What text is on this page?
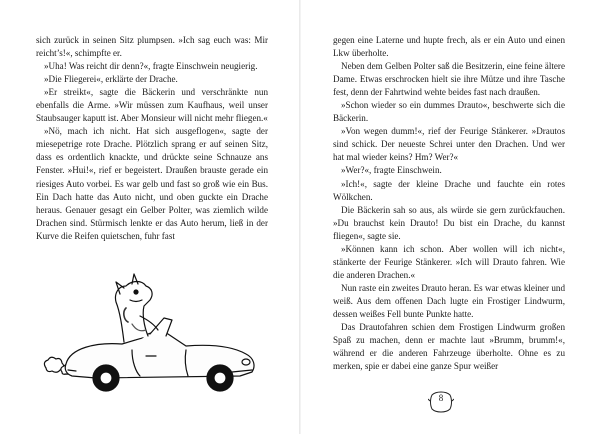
sich zurück in seinen Sitz plumpsen. »Ich sag euch was: Mir reicht’s!«, schimpfte er.

»Uha! Was reicht dir denn?«, fragte Einschwein neugierig.

»Die Fliegerei«, erklärte der Drache.

»Er streikt«, sagte die Bäckerin und verschränkte nun ebenfalls die Arme. »Wir müssen zum Kaufhaus, weil unser Staubsauger kaputt ist. Aber Monsieur will nicht mehr fliegen.«

»Nö, mach ich nicht. Hat sich ausgeflogen«, sagte der miesepetrige rote Drache. Plötzlich sprang er auf seinen Sitz, dass es ordentlich knackte, und drückte seine Schnauze ans Fenster. »Hui!«, rief er begeistert. Draußen brauste gerade ein riesiges Auto vorbei. Es war gelb und fast so groß wie ein Bus. Ein Dach hatte das Auto nicht, und oben guckte ein Drache heraus. Genauer gesagt ein Gelber Polter, was ziemlich wilde Drachen sind. Stürmisch lenkte er das Auto herum, ließ in der Kurve die Reifen quietschen, fuhr fast

gegen eine Laterne und hupte frech, als er ein Auto und einen Lkw überholte.

Neben dem Gelben Polter saß die Besitzerin, eine feine ältere Dame. Etwas erschrocken hielt sie ihre Mütze und ihre Tasche fest, denn der Fahrtwind wehte beides fast nach draußen.

»Schon wieder so ein dummes Drauto«, beschwerte sich die Bäckerin.

»Von wegen dumm!«, rief der Feurige Stänkerer. »Drautos sind schick. Der neueste Schrei unter den Drachen. Und wer hat mal wieder keins? Hm? Wer?«

»Wer?«, fragte Einschwein.

»Ich!«, sagte der kleine Drache und fauchte ein rotes Wölkchen.

Die Bäckerin sah so aus, als würde sie gern zurückfauchen. »Du brauchst kein Drauto! Du bist ein Drache, du kannst fliegen«, sagte sie.

»Können kann ich schon. Aber wollen will ich nicht«, stänkerte der Feurige Stänkerer. »Ich will Drauto fahren. Wie die anderen Drachen.«

Nun raste ein zweites Drauto heran. Es war etwas kleiner und weiß. Aus dem offenen Dach lugte ein Frostiger Lindwurm, dessen weißes Fell bunte Punkte hatte.

Das Drautofahren schien dem Frostigen Lindwurm großen Spaß zu machen, denn er machte laut »Brumm, brumm!«, während er die anderen Fahrzeuge überholte. Ohne es zu merken, spie er dabei eine ganze Spur weißer

8
